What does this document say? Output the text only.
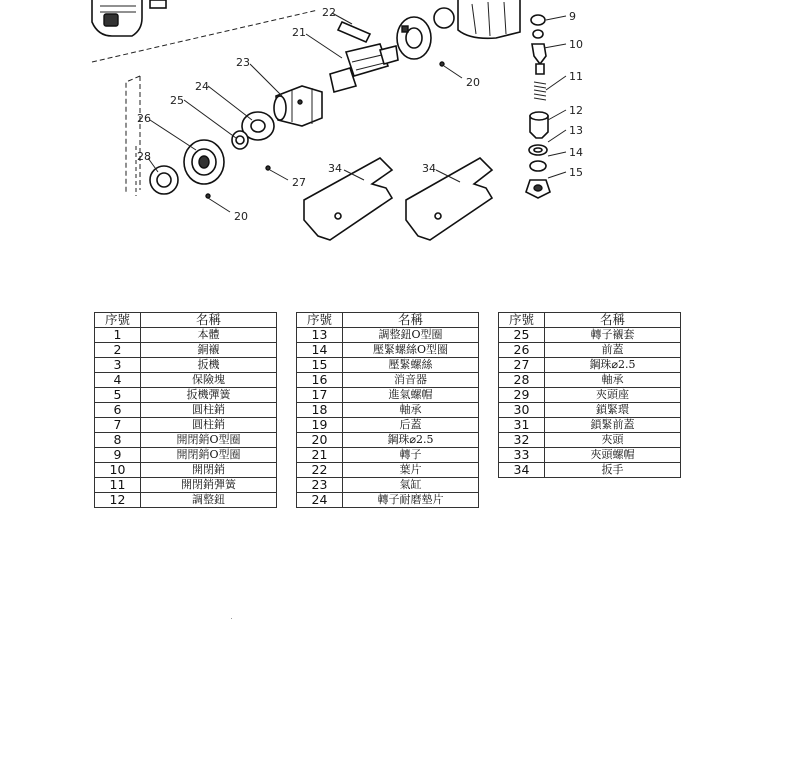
22
21
23
24
25
26
28
27
20
20
34	34
9
10
11
12
13
14
15
序號	名稱
1	本體
2	銅襯
3	扳機
4	保險塊
5	扳機彈簧
6	圓柱銷
7	圓柱銷
8	開閉銷O型圈
9	開閉銷O型圈
10	開閉銷
11	開閉銷彈簧
12	調整鈕
序號	名稱
13	調整鈕O型圈
14	壓緊螺絲O型圈
15	壓緊螺絲
16	消音器
17	進氣螺帽
18	軸承
19	后蓋
20	鋼珠⌀2.5
21	轉子
22	葉片
23	氣缸
24	轉子耐磨墊片
序號	名稱
25	轉子襯套
26	前蓋
27	鋼珠⌀2.5
28	軸承
29	夾頭座
30	鎖緊環
31	鎖緊前蓋
32	夾頭
33	夾頭螺帽
34	扳手
